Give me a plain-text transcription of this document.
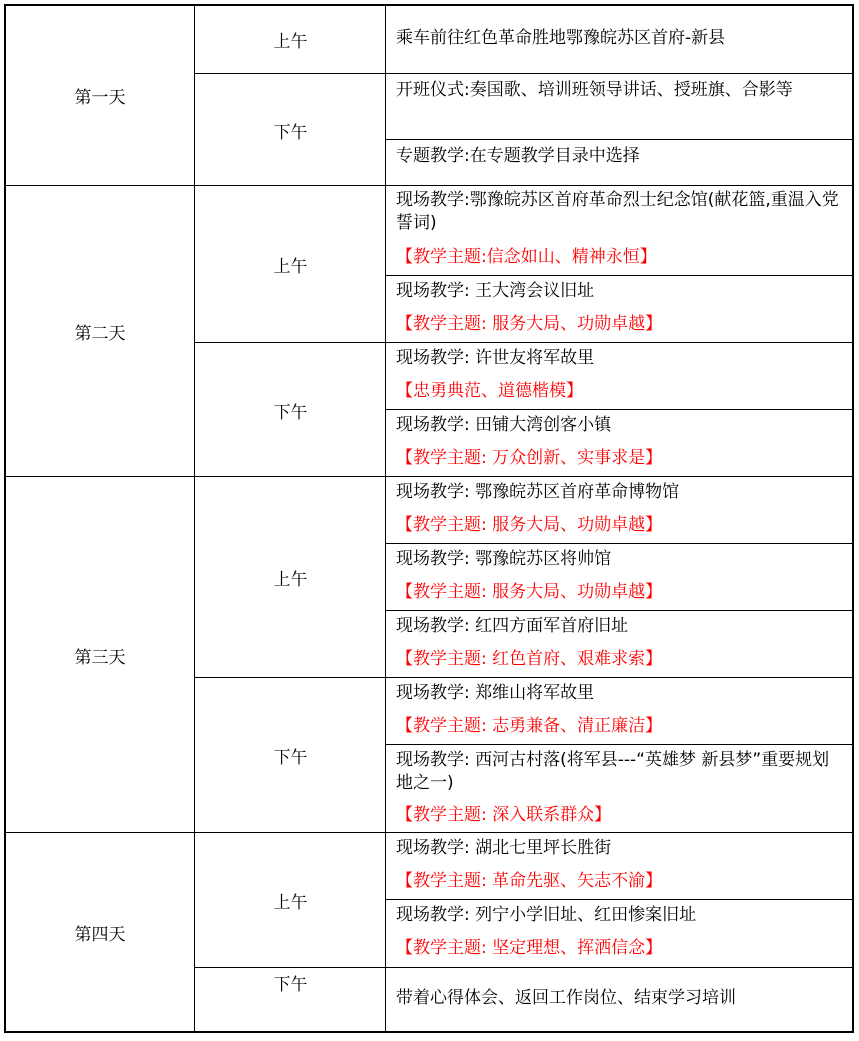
第一天
第二天
第三天
第四天
上午
下午
上午
下午
上午
下午
上午
下午
乘车前往红色革命胜地鄂豫皖苏区首府-新县
开班仪式:奏国歌、培训班领导讲话、授班旗、合影等
专题教学:在专题教学目录中选择
现场教学:鄂豫皖苏区首府革命烈士纪念馆(献花篮,重温入党誓词)
【教学主题:信念如山、精神永恒】
现场教学: 王大湾会议旧址
【教学主题: 服务大局、功勋卓越】
现场教学: 许世友将军故里
【忠勇典范、道德楷模】
现场教学: 田铺大湾创客小镇
【教学主题: 万众创新、实事求是】
现场教学: 鄂豫皖苏区首府革命博物馆
【教学主题: 服务大局、功勋卓越】
现场教学: 鄂豫皖苏区将帅馆
【教学主题: 服务大局、功勋卓越】
现场教学: 红四方面军首府旧址
【教学主题: 红色首府、艰难求索】
现场教学: 郑维山将军故里
【教学主题: 志勇兼备、清正廉洁】
现场教学: 西河古村落(将军县---“英雄梦 新县梦”重要规划地之一)
【教学主题: 深入联系群众】
现场教学: 湖北七里坪长胜街
【教学主题: 革命先驱、矢志不渝】
现场教学: 列宁小学旧址、红田惨案旧址
【教学主题: 坚定理想、挥洒信念】
带着心得体会、返回工作岗位、结束学习培训
